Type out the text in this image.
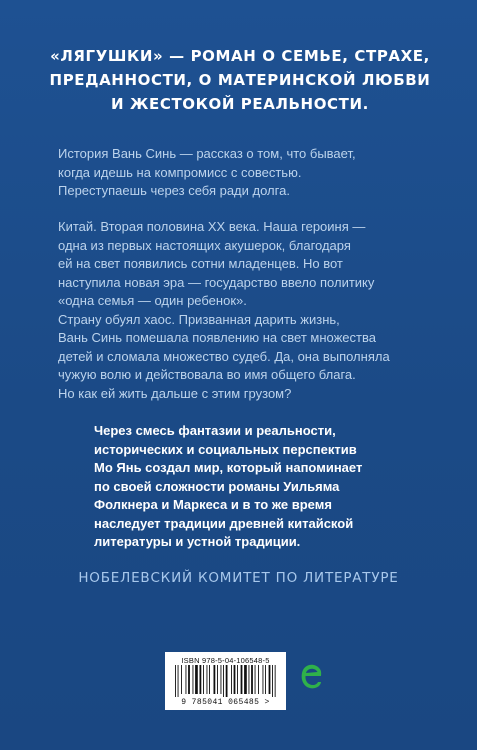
«ЛЯГУШКИ» — РОМАН О СЕМЬЕ, СТРАХЕ,
ПРЕДАННОСТИ, О МАТЕРИНСКОЙ ЛЮБВИ
И ЖЕСТОКОЙ РЕАЛЬНОСТИ.
История Вань Синь — рассказ о том, что бывает,
когда идешь на компромисс с совестью.
Переступаешь через себя ради долга.
Китай. Вторая половина XX века. Наша героиня —
одна из первых настоящих акушерок, благодаря
ей на свет появились сотни младенцев. Но вот
наступила новая эра — государство ввело политику
«одна семья — один ребенок».
Страну обуял хаос. Призванная дарить жизнь,
Вань Синь помешала появлению на свет множества
детей и сломала множество судеб. Да, она выполняла
чужую волю и действовала во имя общего блага.
Но как ей жить дальше с этим грузом?
Через смесь фантазии и реальности,
исторических и социальных перспектив
Мо Янь создал мир, который напоминает
по своей сложности романы Уильяма
Фолкнера и Маркеса и в то же время
наследует традиции древней китайской
литературы и устной традиции.
НОБЕЛЕВСКИЙ КОМИТЕТ ПО ЛИТЕРАТУРЕ
ISBN 978-5-04-106548-5
9 785041 065485 >
